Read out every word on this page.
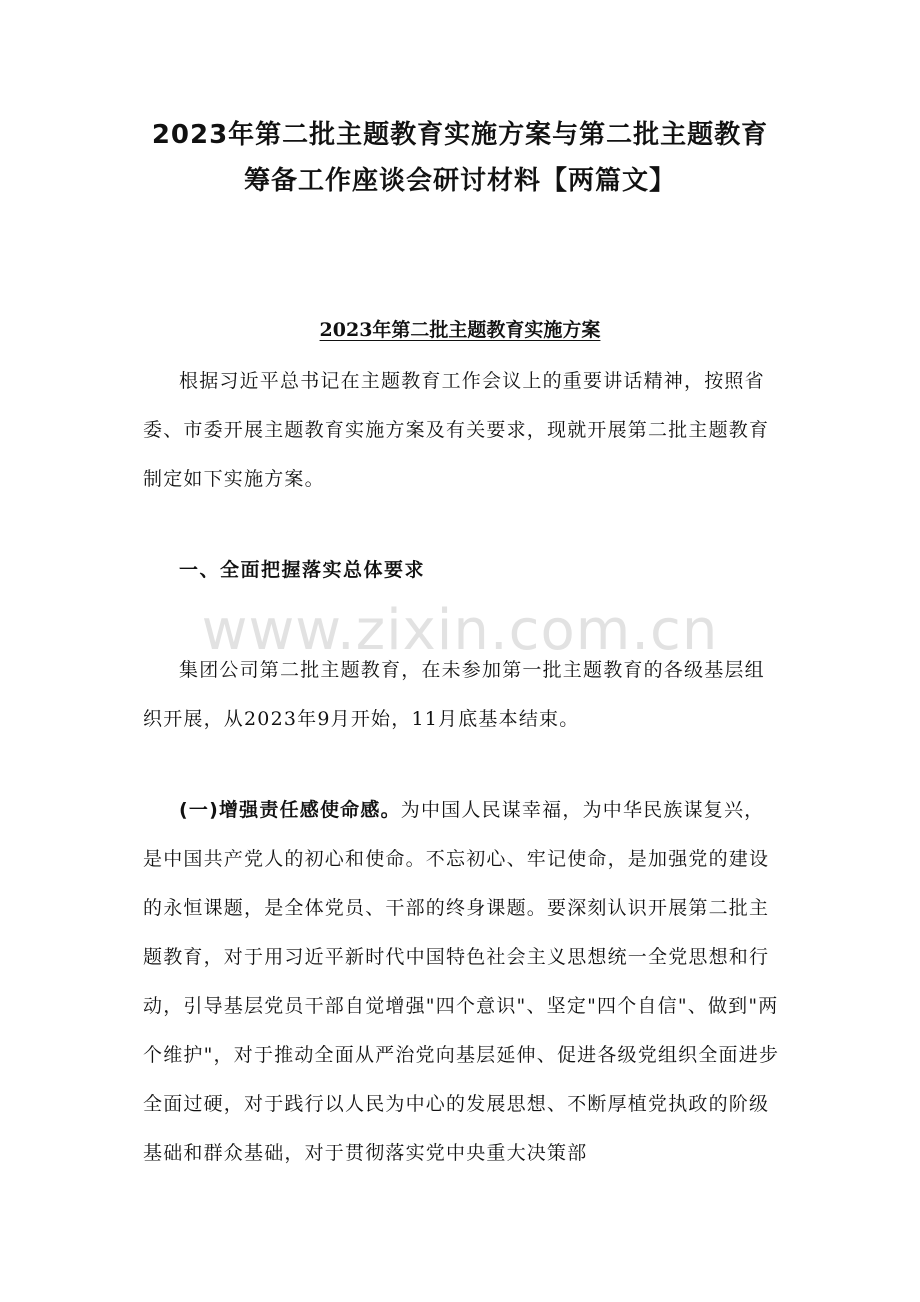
2023年第二批主题教育实施方案与第二批主题教育
筹备工作座谈会研讨材料【两篇文】
2023年第二批主题教育实施方案

根据习近平总书记在主题教育工作会议上的重要讲话精神，按照省委、市委开展主题教育实施方案及有关要求，现就开展第二批主题教育制定如下实施方案。

一、全面把握落实总体要求

集团公司第二批主题教育，在未参加第一批主题教育的各级基层组织开展，从2023年9月开始，11月底基本结束。

(一)增强责任感使命感。为中国人民谋幸福，为中华民族谋复兴，是中国共产党人的初心和使命。不忘初心、牢记使命，是加强党的建设的永恒课题，是全体党员、干部的终身课题。要深刻认识开展第二批主题教育，对于用习近平新时代中国特色社会主义思想统一全党思想和行动，引导基层党员干部自觉增强"四个意识"、坚定"四个自信"、做到"两个维护"，对于推动全面从严治党向基层延伸、促进各级党组织全面进步全面过硬，对于践行以人民为中心的发展思想、不断厚植党执政的阶级基础和群众基础，对于贯彻落实党中央重大决策部

www.zixin.com.cn
